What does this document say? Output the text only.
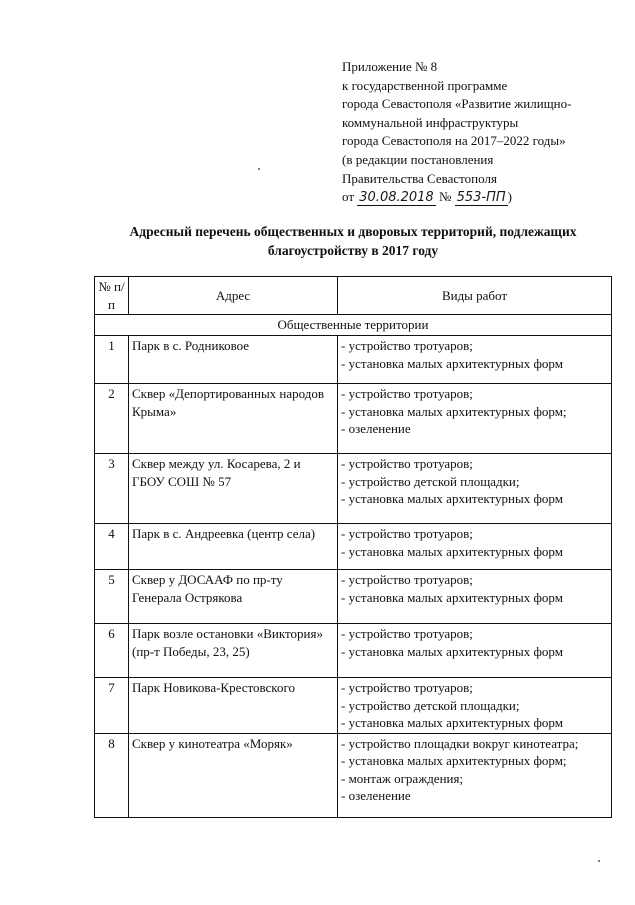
Приложение № 8
к государственной программе
города Севастополя «Развитие жилищно-
коммунальной инфраструктуры
города Севастополя на 2017–2022 годы»
(в редакции постановления
Правительства Севастополя
от 30.08.2018 № 553-ПП )
Адресный перечень общественных и дворовых территорий, подлежащих
благоустройству в 2017 году
№ п/п	Адрес	Виды работ
Общественные территории		
1	Парк в с. Родниковое	- устройство тротуаров;
- установка малых архитектурных форм

2	Сквер «Депортированных народов Крыма»	- устройство тротуаров;
- установка малых архитектурных форм;
- озеленение

3	Сквер между ул. Косарева, 2 и ГБОУ СОШ № 57	- устройство тротуаров;
- устройство детской площадки;
- установка малых архитектурных форм

4	Парк в с. Андреевка (центр села)	- устройство тротуаров;
- установка малых архитектурных форм

5	Сквер у ДОСААФ по пр-ту Генерала Острякова	- устройство тротуаров;
- установка малых архитектурных форм

6	Парк возле остановки «Виктория» (пр-т Победы, 23, 25)	- устройство тротуаров;
- установка малых архитектурных форм

7	Парк Новикова-Крестовского	- устройство тротуаров;
- устройство детской площадки;
- установка малых архитектурных форм

8	Сквер у кинотеатра «Моряк»	- устройство площадки вокруг кинотеатра;
- установка малых архитектурных форм;
- монтаж ограждения;
- озеленение
